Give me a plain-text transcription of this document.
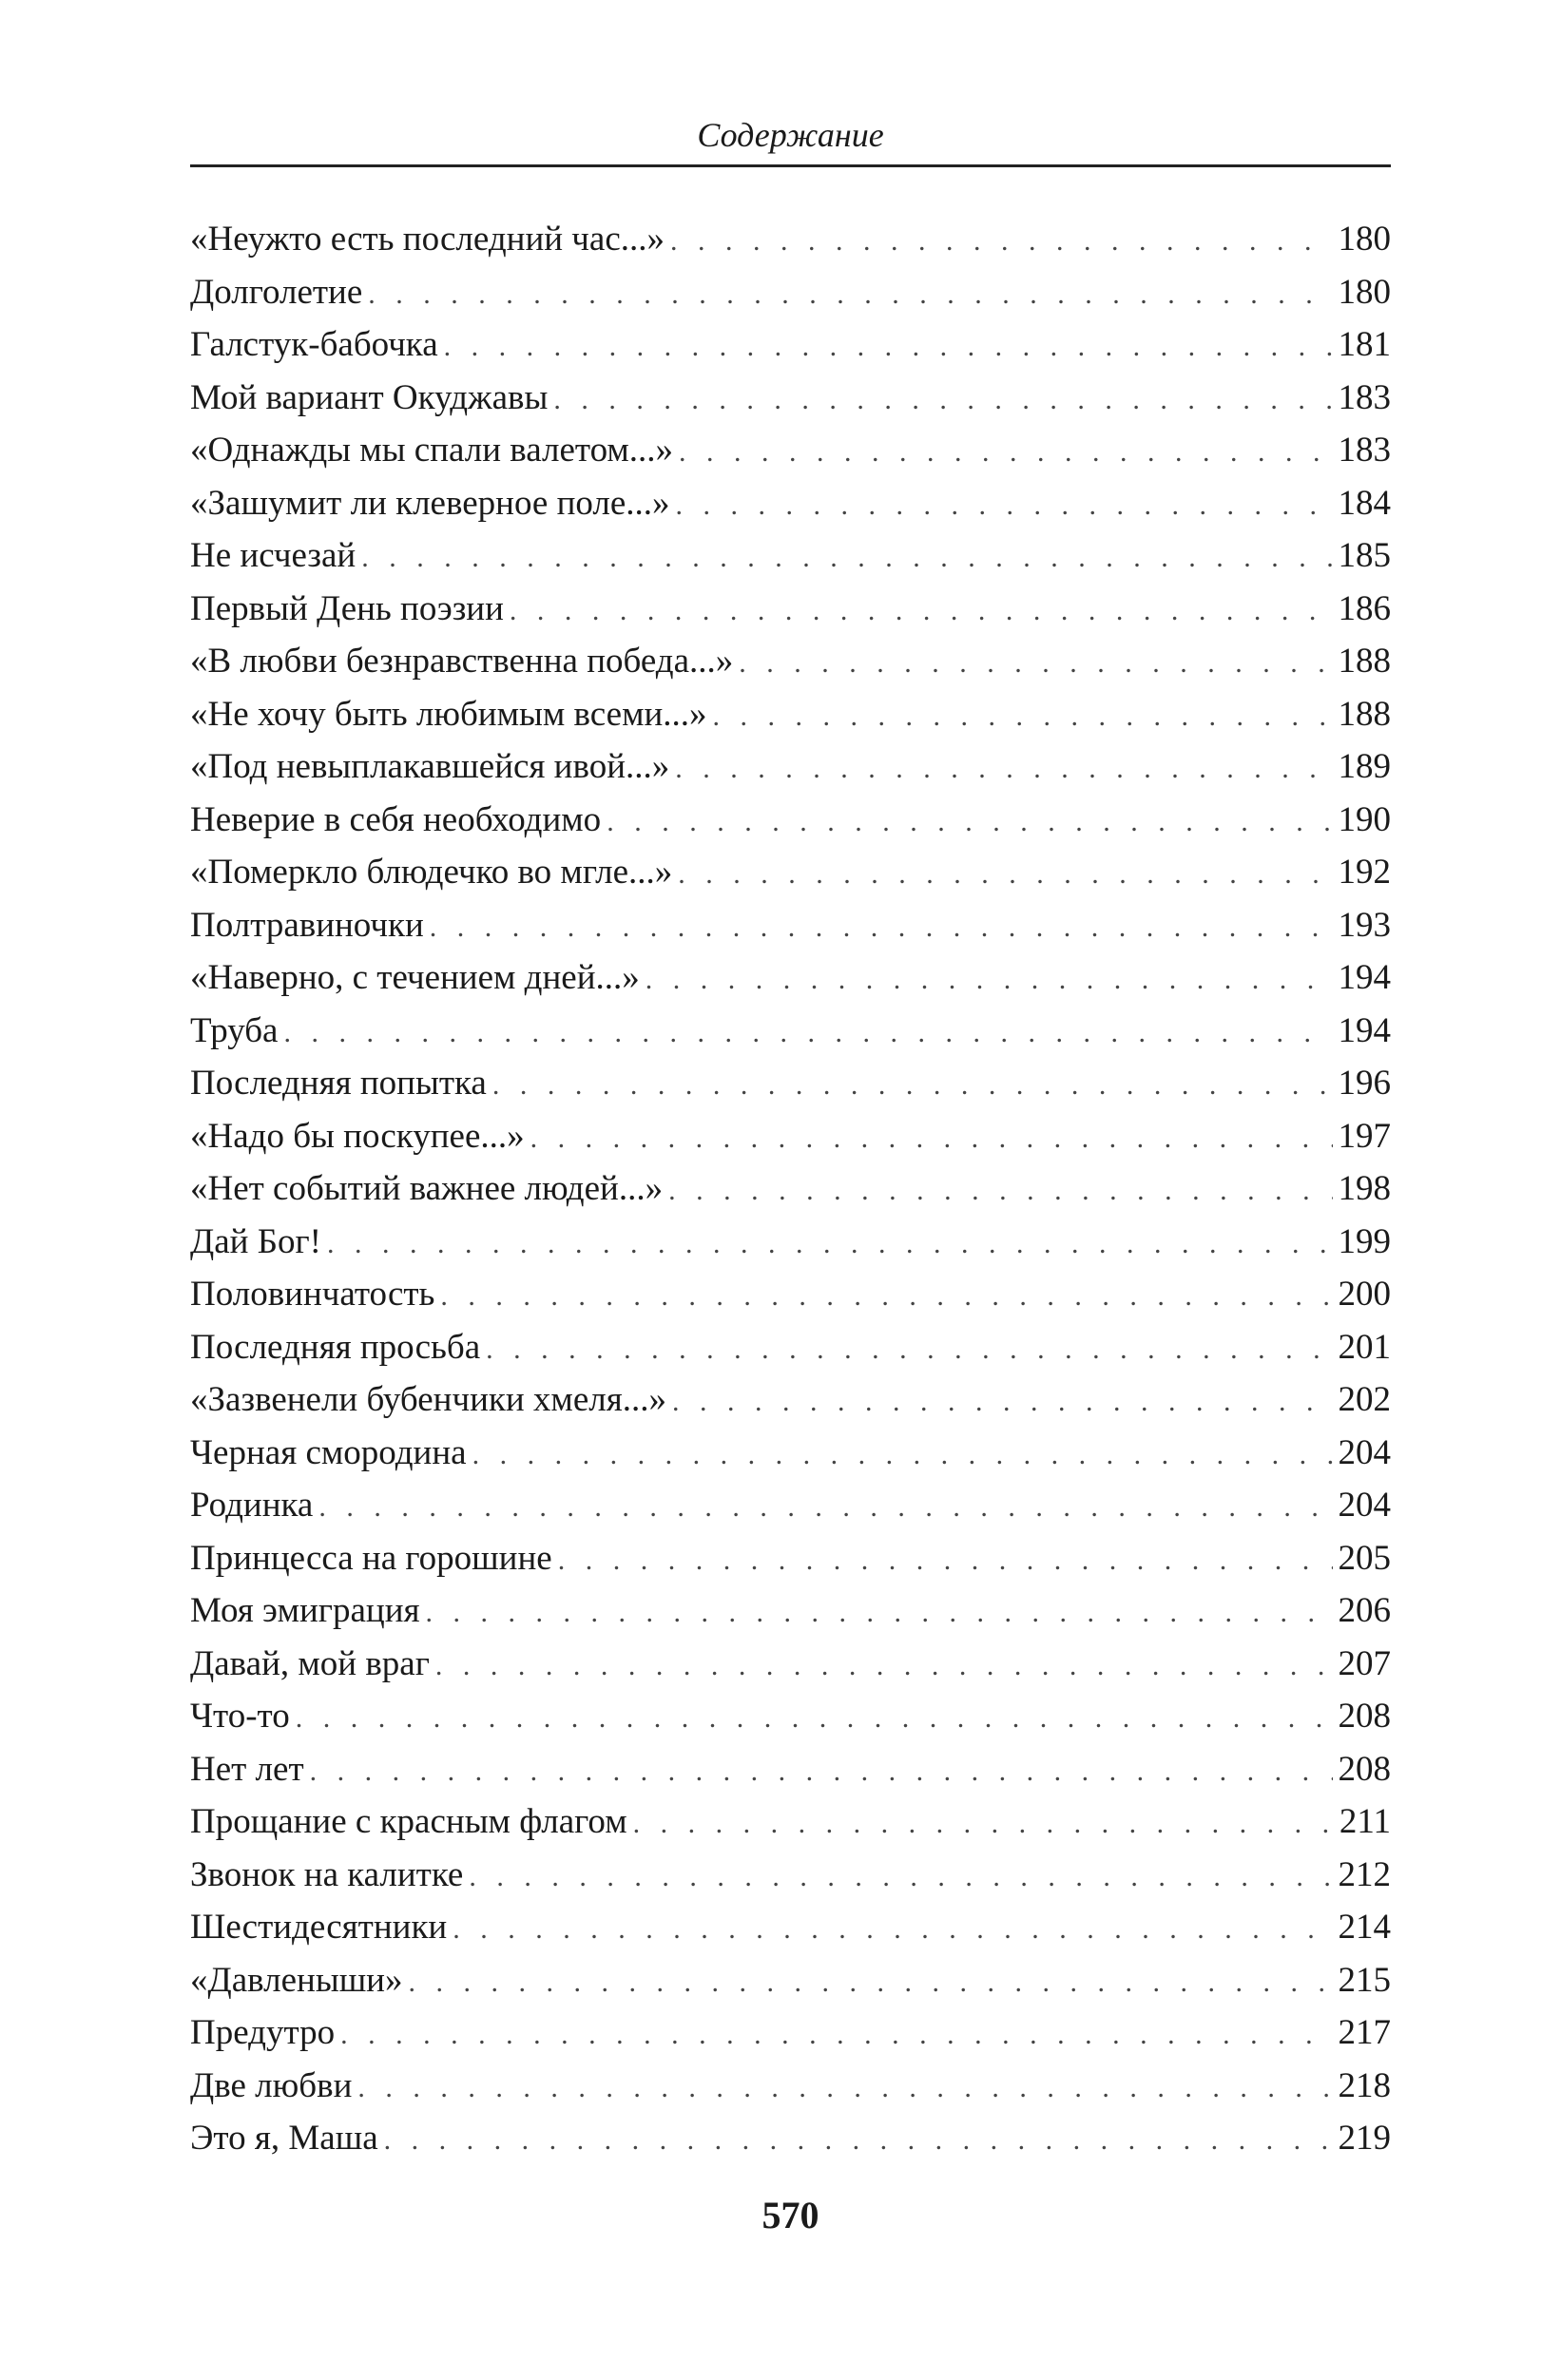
Содержание
«Неужто есть последний час...» . . .	180
Долголетие . . .	180
Галстук-бабочка . . .	181
Мой вариант Окуджавы . . .	183
«Однажды мы спали валетом...» . . .	183
«Зашумит ли клеверное поле...» . . .	184
Не исчезай . . .	185
Первый День поэзии . . .	186
«В любви безнравственна победа...» . . .	188
«Не хочу быть любимым всеми...» . . .	188
«Под невыплакавшейся ивой...» . . .	189
Неверие в себя необходимо . . .	190
«Померкло блюдечко во мгле...» . . .	192
Полтравиночки . . .	193
«Наверно, с течением дней...» . . .	194
Труба . . .	194
Последняя попытка . . .	196
«Надо бы поскупее...» . . .	197
«Нет событий важнее людей...» . . .	198
Дай Бог! . . .	199
Половинчатость . . .	200
Последняя просьба . . .	201
«Зазвенели бубенчики хмеля...» . . .	202
Черная смородина . . .	204
Родинка . . .	204
Принцесса на горошине . . .	205
Моя эмиграция . . .	206
Давай, мой враг . . .	207
Что-то . . .	208
Нет лет . . .	208
Прощание с красным флагом . . .	211
Звонок на калитке . . .	212
Шестидесятники . . .	214
«Давленыши» . . .	215
Предутро . . .	217
Две любви . . .	218
Это я, Маша . . .	219
570
